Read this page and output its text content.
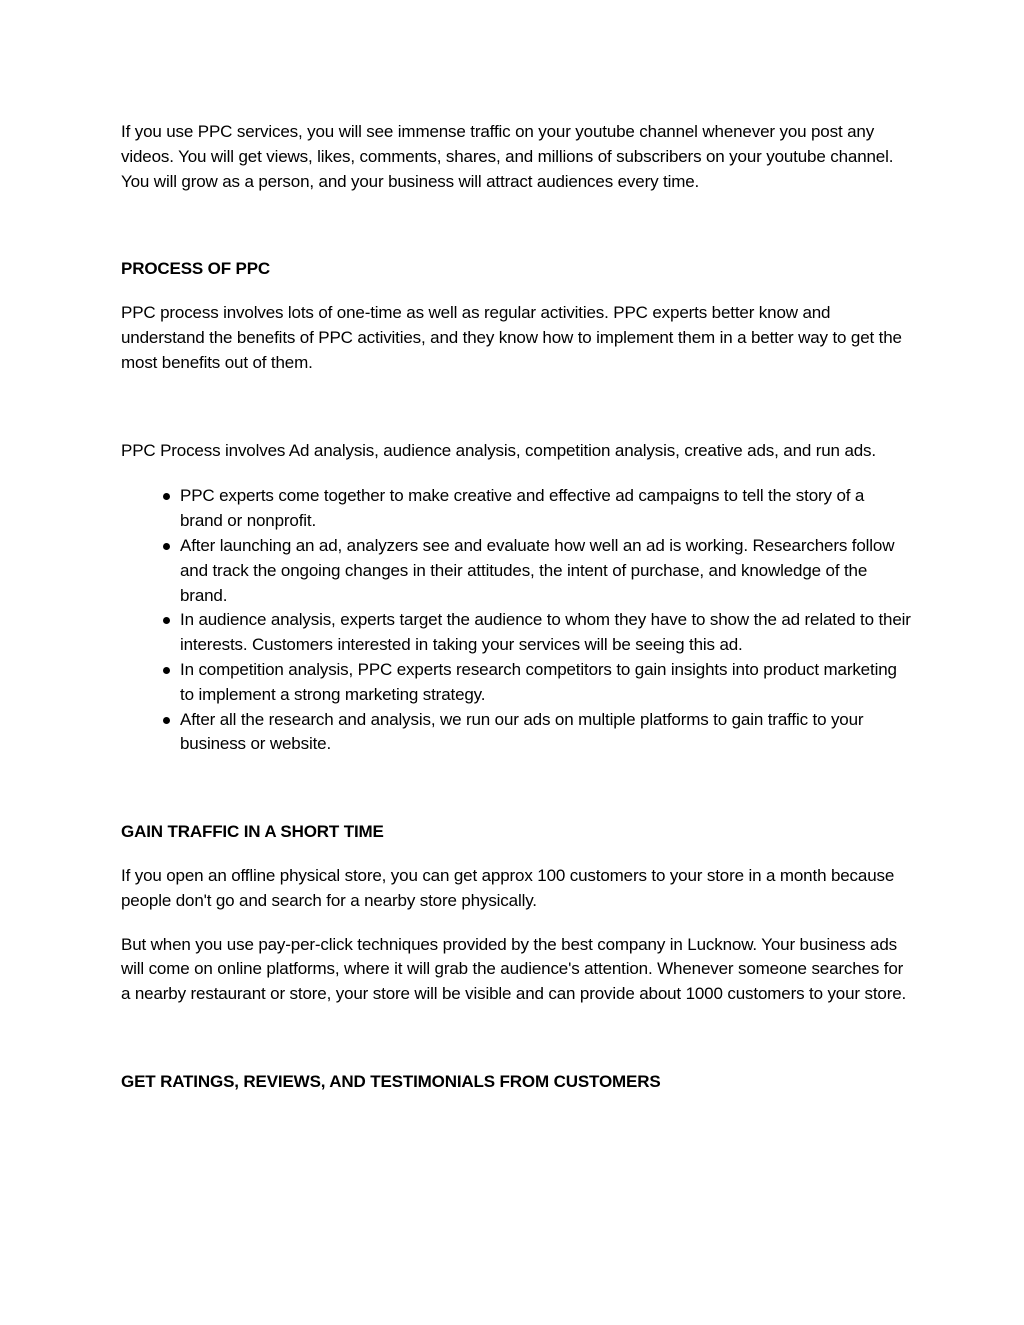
If you use PPC services, you will see immense traffic on your youtube channel whenever you post any videos. You will get views, likes, comments, shares, and millions of subscribers on your youtube channel. You will grow as a person, and your business will attract audiences every time.

PROCESS OF PPC

PPC process involves lots of one-time as well as regular activities. PPC experts better know and understand the benefits of PPC activities, and they know how to implement them in a better way to get the most benefits out of them.

PPC Process involves Ad analysis, audience analysis, competition analysis, creative ads, and run ads.

PPC experts come together to make creative and effective ad campaigns to tell the story of a brand or nonprofit.
After launching an ad, analyzers see and evaluate how well an ad is working. Researchers follow and track the ongoing changes in their attitudes, the intent of purchase, and knowledge of the brand.
In audience analysis, experts target the audience to whom they have to show the ad related to their interests. Customers interested in taking your services will be seeing this ad.
In competition analysis, PPC experts research competitors to gain insights into product marketing to implement a strong marketing strategy.
After all the research and analysis, we run our ads on multiple platforms to gain traffic to your business or website.

GAIN TRAFFIC IN A SHORT TIME

If you open an offline physical store, you can get approx 100 customers to your store in a month because people don't go and search for a nearby store physically.

But when you use pay-per-click techniques provided by the best company in Lucknow. Your business ads will come on online platforms, where it will grab the audience's attention. Whenever someone searches for a nearby restaurant or store, your store will be visible and can provide about 1000 customers to your store.

GET RATINGS, REVIEWS, AND TESTIMONIALS FROM CUSTOMERS
